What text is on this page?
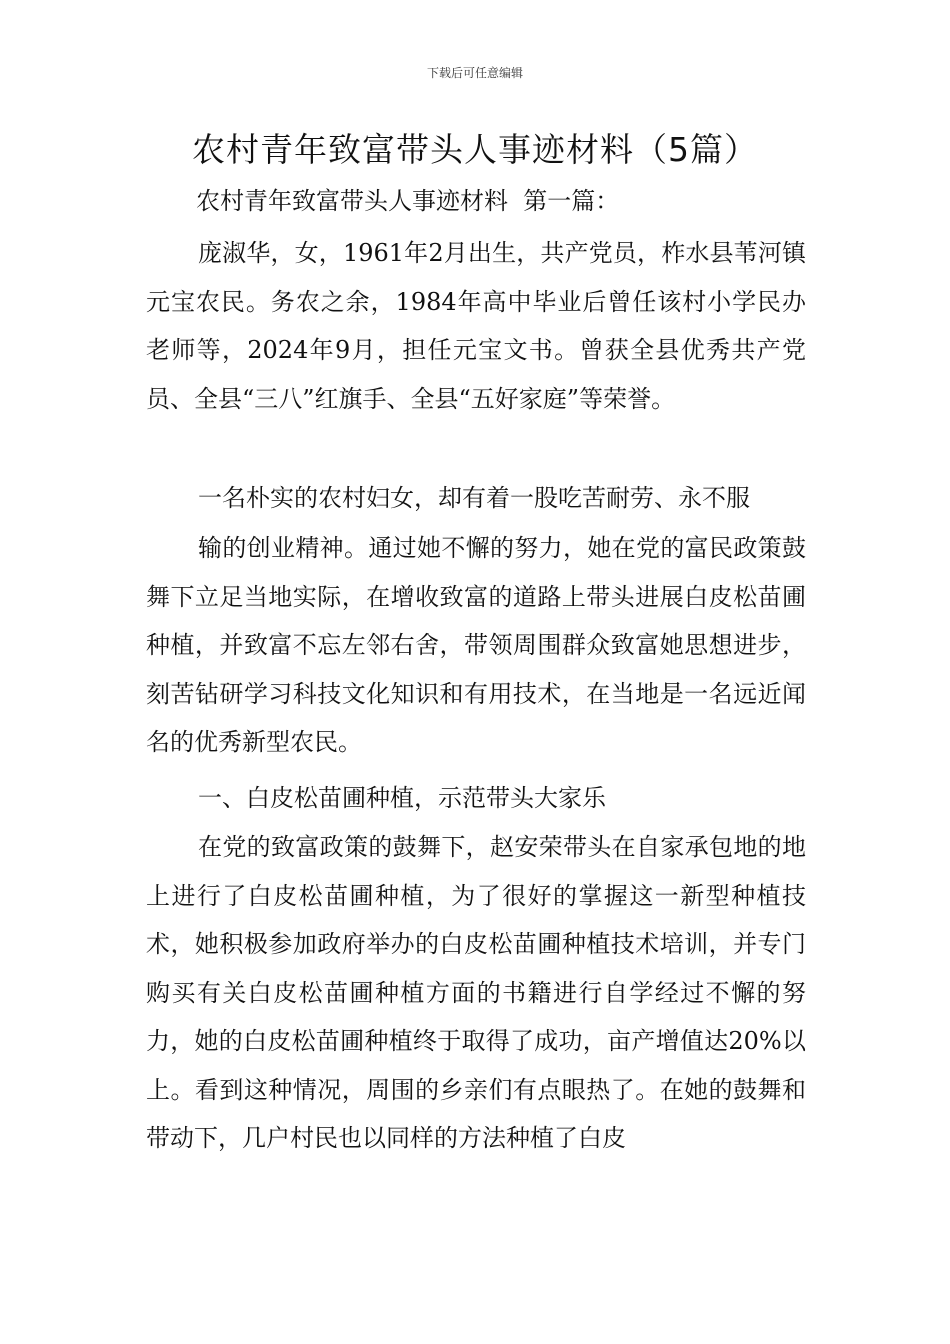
下载后可任意编辑
农村青年致富带头人事迹材料（5篇）
农村青年致富带头人事迹材料  第一篇：

庞淑华，女，1961年2月出生，共产党员，柞水县苇河镇元宝农民。务农之余，1984年高中毕业后曾任该村小学民办老师等，2024年9月，担任元宝文书。曾获全县优秀共产党员、全县“三八”红旗手、全县“五好家庭”等荣誉。

一名朴实的农村妇女，却有着一股吃苦耐劳、永不服

输的创业精神。通过她不懈的努力，她在党的富民政策鼓舞下立足当地实际，在增收致富的道路上带头进展白皮松苗圃种植，并致富不忘左邻右舍，带领周围群众致富她思想进步，刻苦钻研学习科技文化知识和有用技术，在当地是一名远近闻名的优秀新型农民。

一、白皮松苗圃种植，示范带头大家乐

在党的致富政策的鼓舞下，赵安荣带头在自家承包地的地上进行了白皮松苗圃种植，为了很好的掌握这一新型种植技术，她积极参加政府举办的白皮松苗圃种植技术培训，并专门购买有关白皮松苗圃种植方面的书籍进行自学经过不懈的努力，她的白皮松苗圃种植终于取得了成功，亩产增值达20%以上。看到这种情况，周围的乡亲们有点眼热了。在她的鼓舞和带动下，几户村民也以同样的方法种植了白皮
